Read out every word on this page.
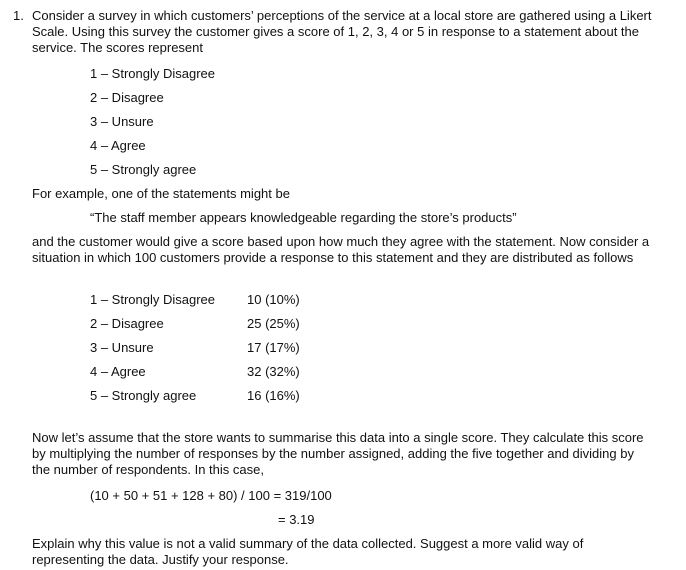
1. Consider a survey in which customers’ perceptions of the service at a local store are gathered using a Likert Scale. Using this survey the customer gives a score of 1, 2, 3, 4 or 5 in response to a statement about the service. The scores represent
1 – Strongly Disagree
2 – Disagree
3 – Unsure
4 – Agree
5 – Strongly agree
For example, one of the statements might be
“The staff member appears knowledgeable regarding the store’s products”
and the customer would give a score based upon how much they agree with the statement. Now consider a situation in which 100 customers provide a response to this statement and they are distributed as follows
1 – Strongly Disagree 10 (10%)
2 – Disagree	25 (25%)
3 – Unsure	17 (17%)
4 – Agree	32 (32%)
5 – Strongly agree	16 (16%)
Now let’s assume that the store wants to summarise this data into a single score. They calculate this score by multiplying the number of responses by the number assigned, adding the five together and dividing by the number of respondents. In this case,
(10 + 50 + 51 + 128 + 80) / 100 = 319/100
= 3.19
Explain why this value is not a valid summary of the data collected. Suggest a more valid way of representing the data. Justify your response.
